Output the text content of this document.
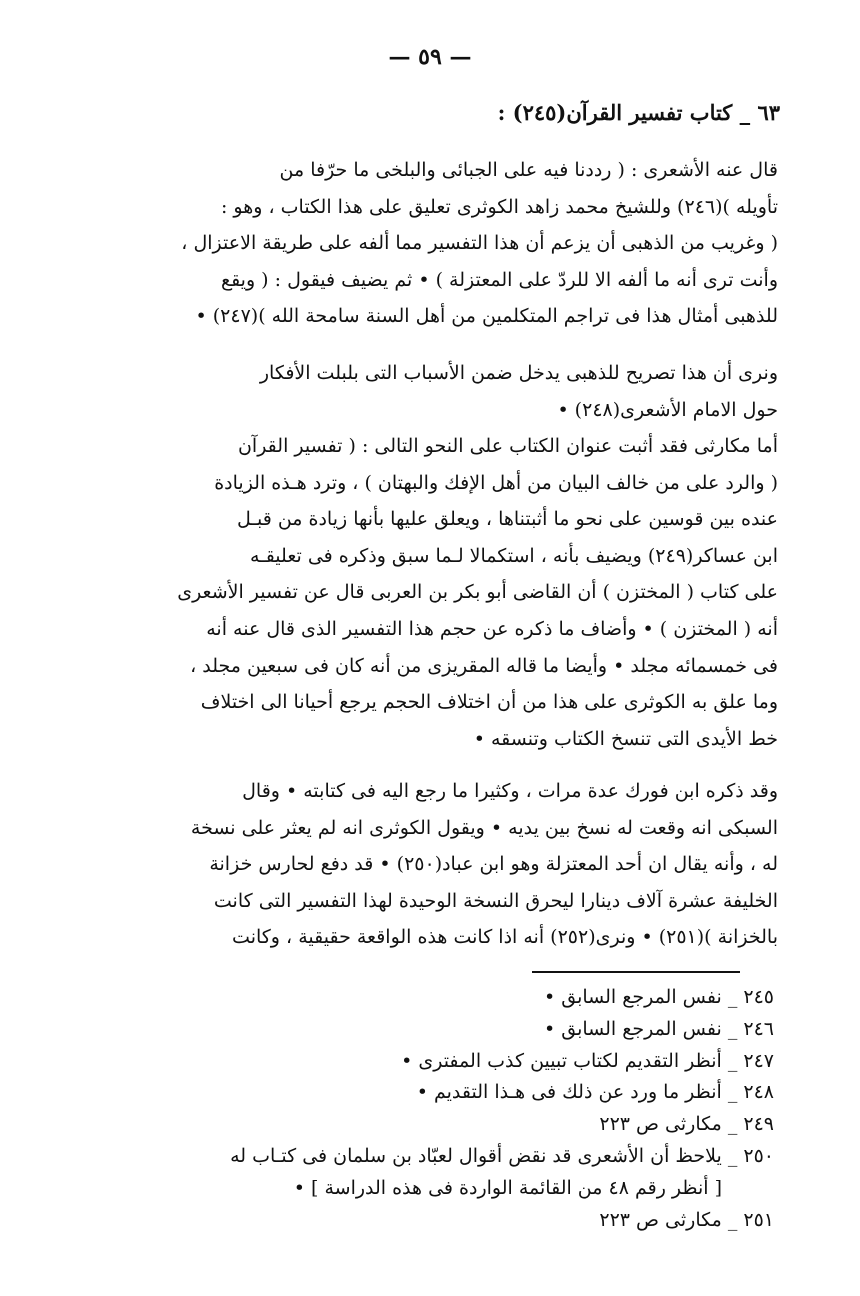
— ٥٩ —
٦٣ _ كتاب تفسير القرآن(٢٤٥) :
قال عنه الأشعرى : ( رددنا فيه على الجبائى والبلخى ما حرّفا من
تأويله )(٢٤٦) وللشيخ محمد زاهد الكوثرى تعليق على هذا الكتاب ، وهو :
( وغريب من الذهبى أن يزعم أن هذا التفسير مما ألفه على طريقة الاعتزال ،
وأنت ترى أنه ما ألفه الا للردّ على المعتزلة ) • ثم يضيف فيقول : ( ويقع
للذهبى أمثال هذا فى تراجم المتكلمين من أهل السنة سامحة الله )(٢٤٧) •
ونرى أن هذا تصريح للذهبى يدخل ضمن الأسباب التى بلبلت الأفكار
حول الامام الأشعرى(٢٤٨) •
أما مكارثى فقد أثبت عنوان الكتاب على النحو التالى : ( تفسير القرآن
( والرد على من خالف البيان من أهل الإفك والبهتان ) ، وترد هـذه الزيادة
عنده بين قوسين على نحو ما أثبتناها ، ويعلق عليها بأنها زيادة من قبـل
ابن عساكر(٢٤٩) ويضيف بأنه ، استكمالا لـما سبق وذكره فى تعليقـه
على كتاب ( المختزن ) أن القاضى أبو بكر بن العربى قال عن تفسير الأشعرى
أنه ( المختزن ) • وأضاف ما ذكره عن حجم هذا التفسير الذى قال عنه أنه
فى خمسمائه مجلد • وأيضا ما قاله المقريزى من أنه كان فى سبعين مجلد ،
وما علق به الكوثرى على هذا من أن اختلاف الحجم يرجع أحيانا الى اختلاف
خط الأيدى التى تنسخ الكتاب وتنسقه •
وقد ذكره ابن فورك عدة مرات ، وكثيرا ما رجع اليه فى كتابته • وقال
السبكى انه وقعت له نسخ بين يديه • ويقول الكوثرى انه لم يعثر على نسخة
له ، وأنه يقال ان أحد المعتزلة وهو ابن عباد(٢٥٠) • قد دفع لحارس خزانة
الخليفة عشرة آلاف دينارا ليحرق النسخة الوحيدة لهذا التفسير التى كانت
بالخزانة )(٢٥١) • ونرى(٢٥٢) أنه اذا كانت هذه الواقعة حقيقية ، وكانت
٢٤٥ _ نفس المرجع السابق •
٢٤٦ _ نفس المرجع السابق •
٢٤٧ _ أنظر التقديم لكتاب تبيين كذب المفترى •
٢٤٨ _ أنظر ما ورد عن ذلك فى هـذا التقديم •
٢٤٩ _ مكارثى ص ٢٢٣
٢٥٠ _ يلاحظ أن الأشعرى قد نقض أقوال لعبّاد بن سلمان فى كتـاب له
[ أنظر رقم ٤٨ من القائمة الواردة فى هذه الدراسة ] •
٢٥١ _ مكارثى ص ٢٢٣
